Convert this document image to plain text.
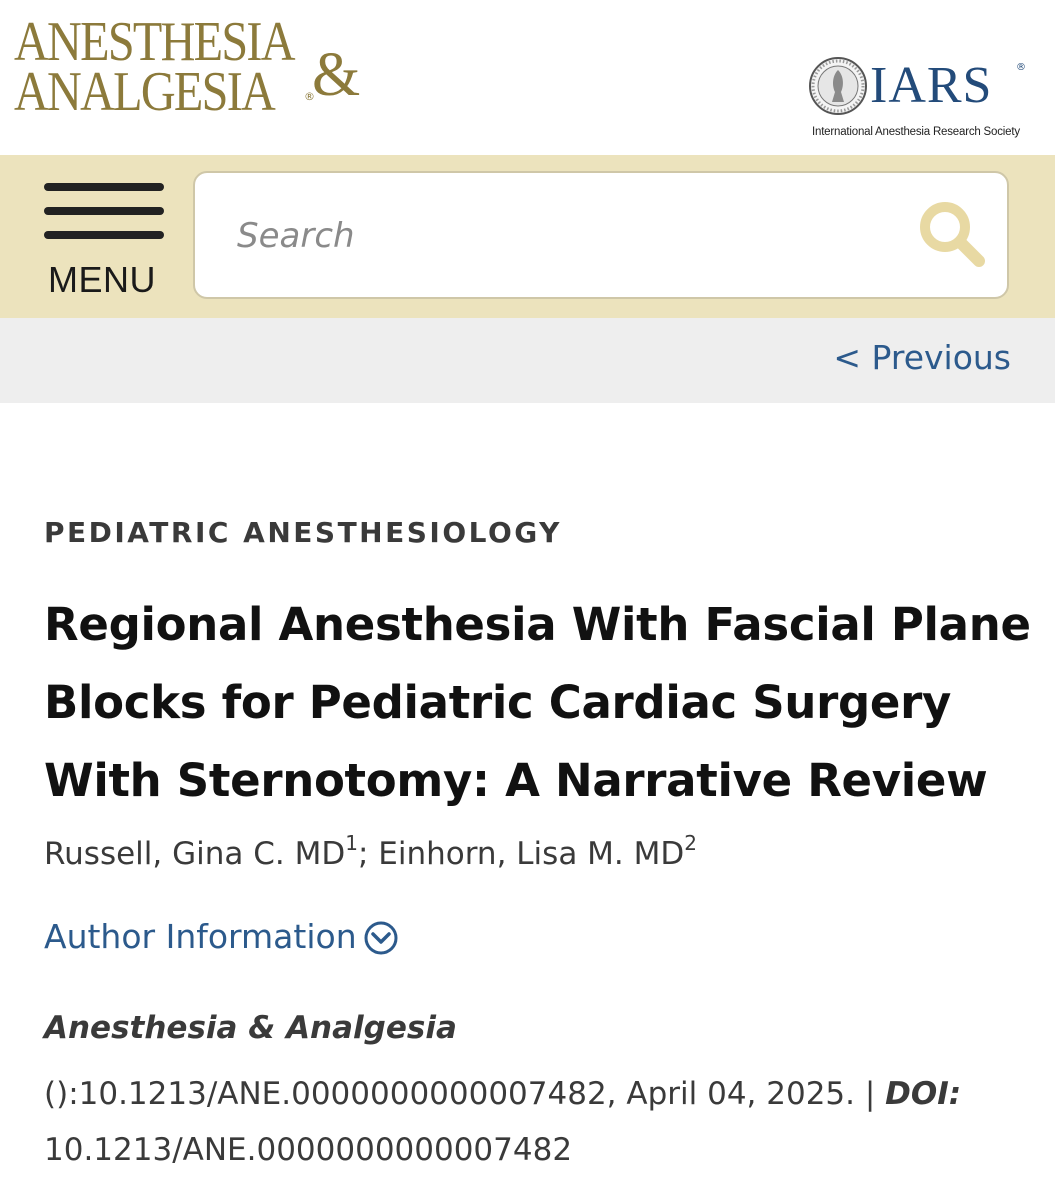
ANESTHESIA
ANALGESIA &
®	IARS ®
International Anesthesia Research Society
MENU
Search
< Previous
PEDIATRIC ANESTHESIOLOGY
Regional Anesthesia With Fascial Plane Blocks for Pediatric Cardiac Surgery With Sternotomy: A Narrative Review
Russell, Gina C. $MD^1$; Einhorn, Lisa M. $MD^2$
Author Information
Anesthesia & Analgesia
():10.1213/ANE.0000000000007482, April 04, 2025. | DOI:
10.1213/ANE.0000000000007482
